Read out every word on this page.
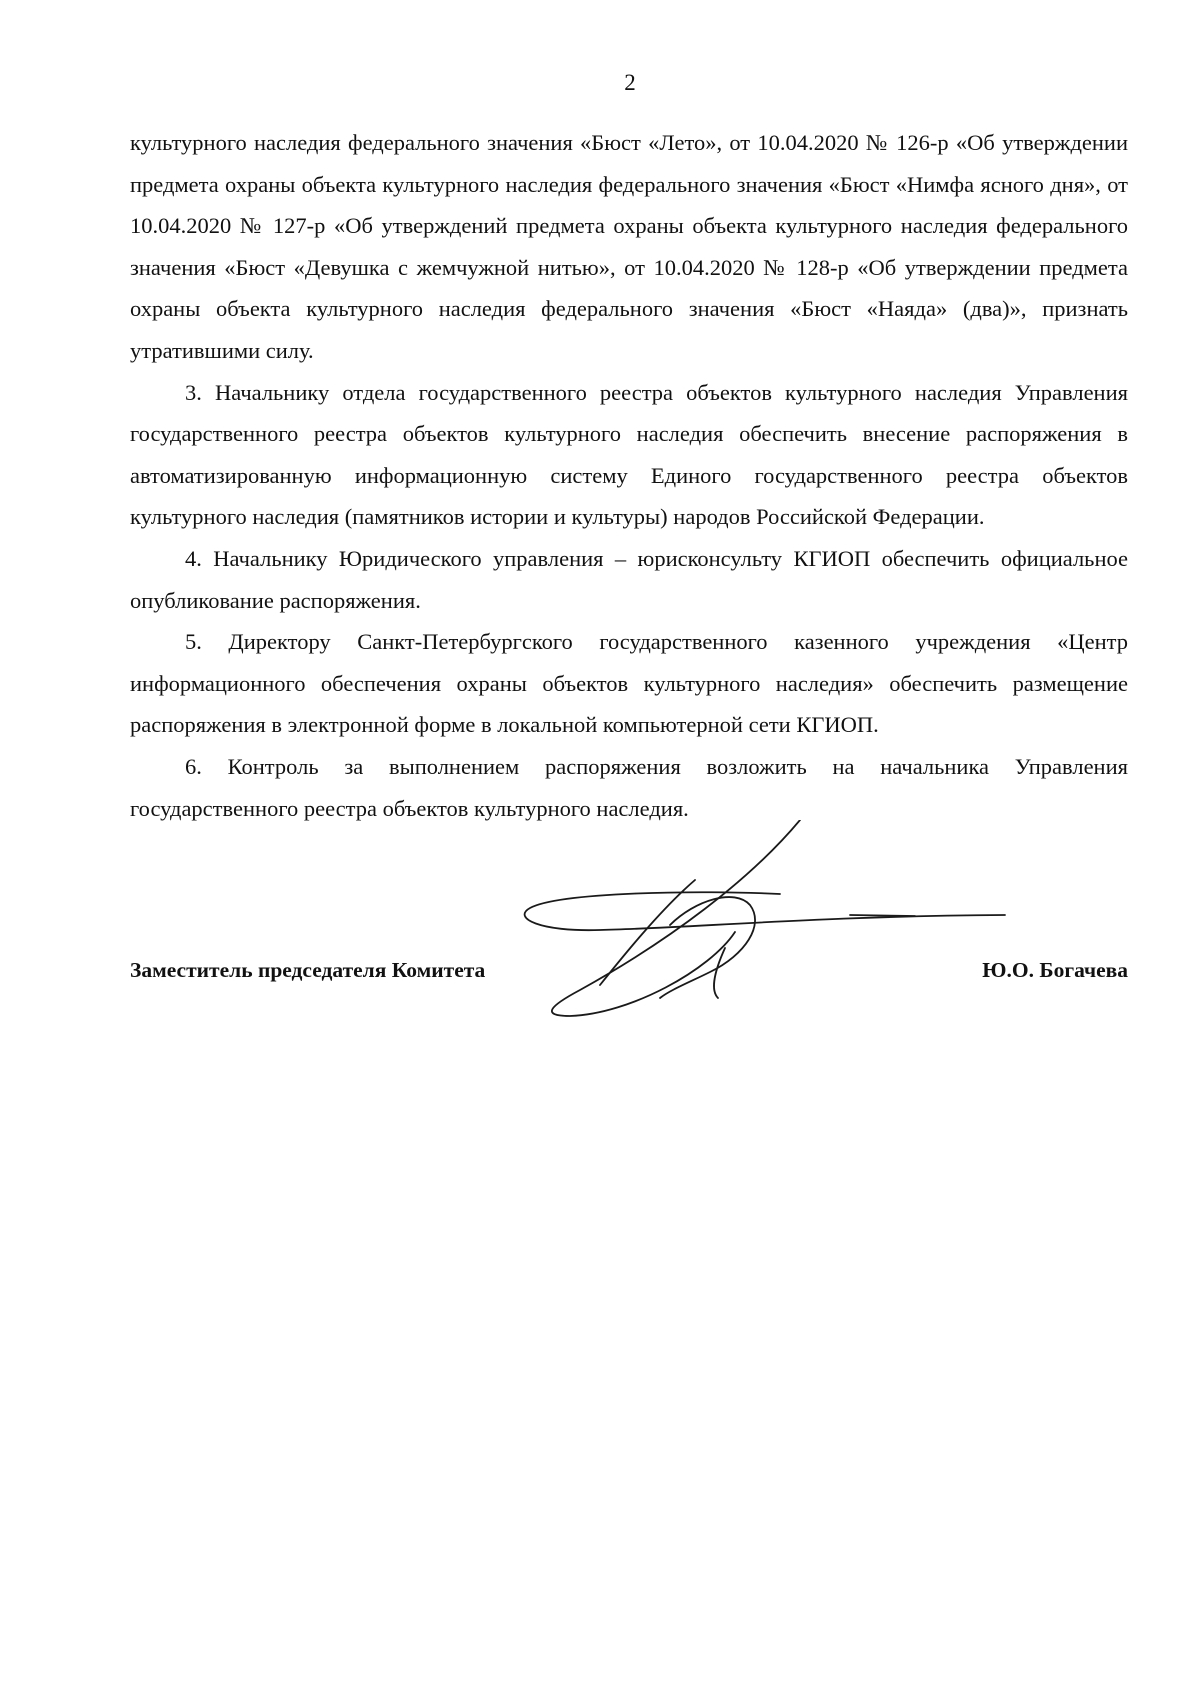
2

культурного наследия федерального значения «Бюст «Лето», от 10.04.2020 № 126-р «Об утверждении предмета охраны объекта культурного наследия федерального значения «Бюст «Нимфа ясного дня», от 10.04.2020 № 127-р «Об утверждений предмета охраны объекта культурного наследия федерального значения «Бюст «Девушка с жемчужной нитью», от 10.04.2020 № 128-р «Об утверждении предмета охраны объекта культурного наследия федерального значения «Бюст «Наяда» (два)», признать утратившими силу.

3. Начальнику отдела государственного реестра объектов культурного наследия Управления государственного реестра объектов культурного наследия обеспечить внесение распоряжения в автоматизированную информационную систему Единого государственного реестра объектов культурного наследия (памятников истории и культуры) народов Российской Федерации.

4. Начальнику Юридического управления – юрисконсульту КГИОП обеспечить официальное опубликование распоряжения.

5. Директору Санкт-Петербургского государственного казенного учреждения «Центр информационного обеспечения охраны объектов культурного наследия» обеспечить размещение распоряжения в электронной форме в локальной компьютерной сети КГИОП.

6. Контроль за выполнением распоряжения возложить на начальника Управления государственного реестра объектов культурного наследия.

Заместитель председателя Комитета	Ю.О. Богачева
